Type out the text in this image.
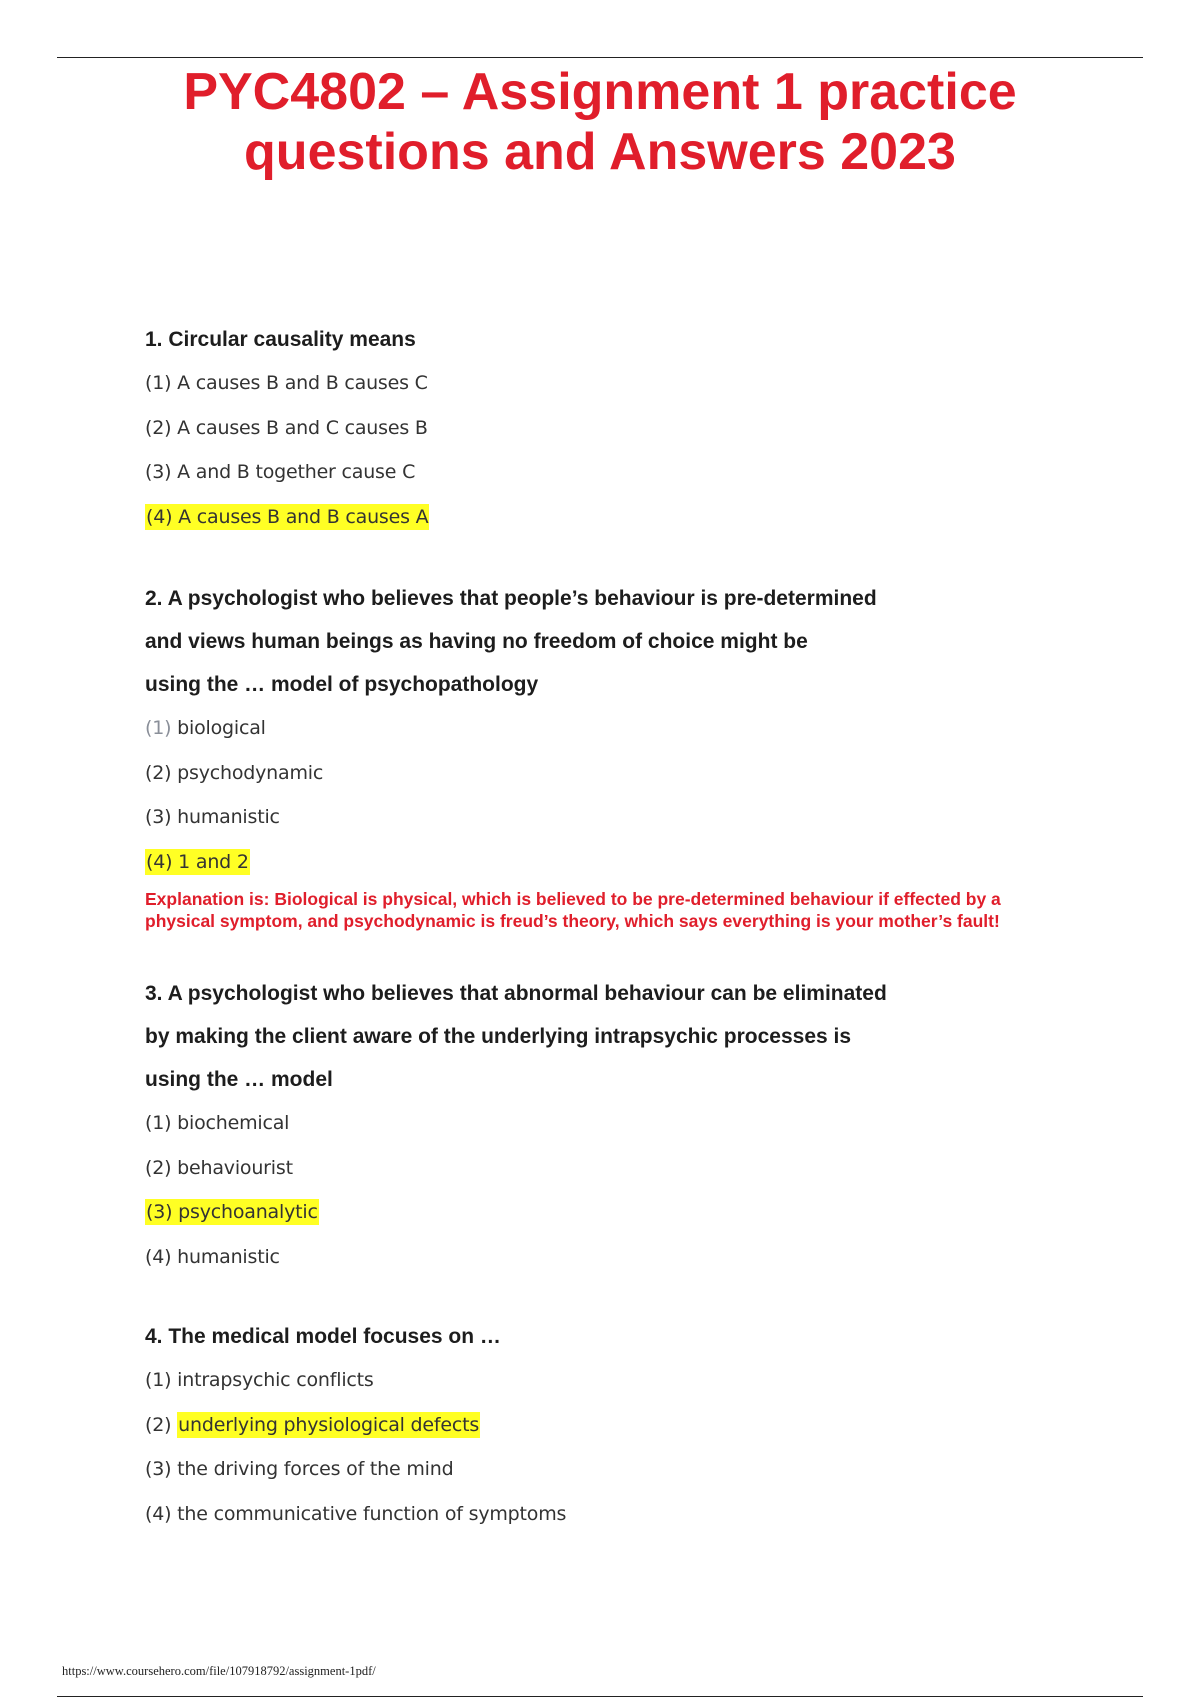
PYC4802 – Assignment 1 practice
questions and Answers 2023

1. Circular causality means

(1) A causes B and B causes C

(2) A causes B and C causes B

(3) A and B together cause C

(4) A causes B and B causes A

2. A psychologist who believes that people’s behaviour is pre-determined

and views human beings as having no freedom of choice might be

using the … model of psychopathology

(1) biological

(2) psychodynamic

(3) humanistic

(4) 1 and 2

Explanation is: Biological is physical, which is believed to be pre-determined behaviour if effected by a physical symptom, and psychodynamic is freud’s theory, which says everything is your mother’s fault!

3. A psychologist who believes that abnormal behaviour can be eliminated

by making the client aware of the underlying intrapsychic processes is

using the … model

(1) biochemical

(2) behaviourist

(3) psychoanalytic

(4) humanistic

4. The medical model focuses on …

(1) intrapsychic conflicts

(2) underlying physiological defects

(3) the driving forces of the mind

(4) the communicative function of symptoms

https://www.coursehero.com/file/107918792/assignment-1pdf/
